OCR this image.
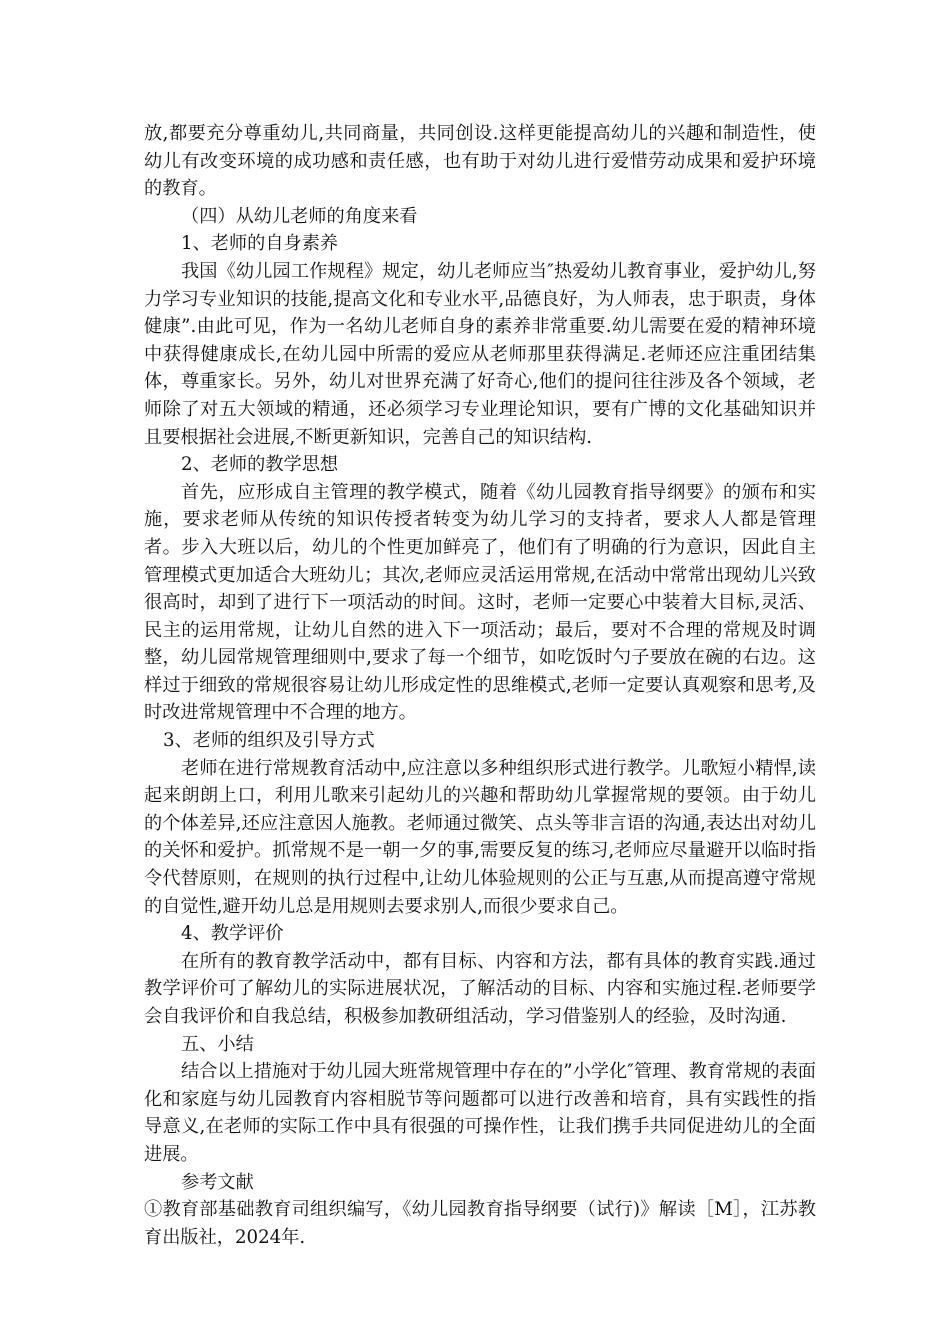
放,都要充分尊重幼儿,共同商量，共同创设.这样更能提高幼儿的兴趣和制造性，使幼儿有改变环境的成功感和责任感，也有助于对幼儿进行爱惜劳动成果和爱护环境的教育。

（四）从幼儿老师的角度来看

1、老师的自身素养

我国《幼儿园工作规程》规定，幼儿老师应当″热爱幼儿教育事业，爱护幼儿,努力学习专业知识的技能,提高文化和专业水平,品德良好，为人师表，忠于职责，身体健康”.由此可见，作为一名幼儿老师自身的素养非常重要.幼儿需要在爱的精神环境中获得健康成长,在幼儿园中所需的爱应从老师那里获得满足.老师还应注重团结集体，尊重家长。另外，幼儿对世界充满了好奇心,他们的提问往往涉及各个领域，老师除了对五大领域的精通，还必须学习专业理论知识，要有广博的文化基础知识并且要根据社会进展,不断更新知识，完善自己的知识结构.

2、老师的教学思想

首先，应形成自主管理的教学模式，随着《幼儿园教育指导纲要》的颁布和实施，要求老师从传统的知识传授者转变为幼儿学习的支持者，要求人人都是管理者。步入大班以后，幼儿的个性更加鲜亮了，他们有了明确的行为意识，因此自主管理模式更加适合大班幼儿；其次,老师应灵活运用常规,在活动中常常出现幼儿兴致很高时，却到了进行下一项活动的时间。这时，老师一定要心中装着大目标,灵活、民主的运用常规，让幼儿自然的进入下一项活动；最后，要对不合理的常规及时调整，幼儿园常规管理细则中,要求了每一个细节，如吃饭时勺子要放在碗的右边。这样过于细致的常规很容易让幼儿形成定性的思维模式,老师一定要认真观察和思考,及时改进常规管理中不合理的地方。

3、老师的组织及引导方式

老师在进行常规教育活动中,应注意以多种组织形式进行教学。儿歌短小精悍,读起来朗朗上口，利用儿歌来引起幼儿的兴趣和帮助幼儿掌握常规的要领。由于幼儿的个体差异,还应注意因人施教。老师通过微笑、点头等非言语的沟通,表达出对幼儿的关怀和爱护。抓常规不是一朝一夕的事,需要反复的练习,老师应尽量避开以临时指令代替原则，在规则的执行过程中,让幼儿体验规则的公正与互惠,从而提高遵守常规的自觉性,避开幼儿总是用规则去要求别人,而很少要求自己。

4、教学评价

在所有的教育教学活动中，都有目标、内容和方法，都有具体的教育实践.通过教学评价可了解幼儿的实际进展状况，了解活动的目标、内容和实施过程.老师要学会自我评价和自我总结，积极参加教研组活动，学习借鉴别人的经验，及时沟通.

五、小结

结合以上措施对于幼儿园大班常规管理中存在的”小学化″管理、教育常规的表面化和家庭与幼儿园教育内容相脱节等问题都可以进行改善和培育，具有实践性的指导意义,在老师的实际工作中具有很强的可操作性，让我们携手共同促进幼儿的全面进展。

参考文献

①教育部基础教育司组织编写，《幼儿园教育指导纲要（试行)》解读［M］，江苏教育出版社，2024年.
